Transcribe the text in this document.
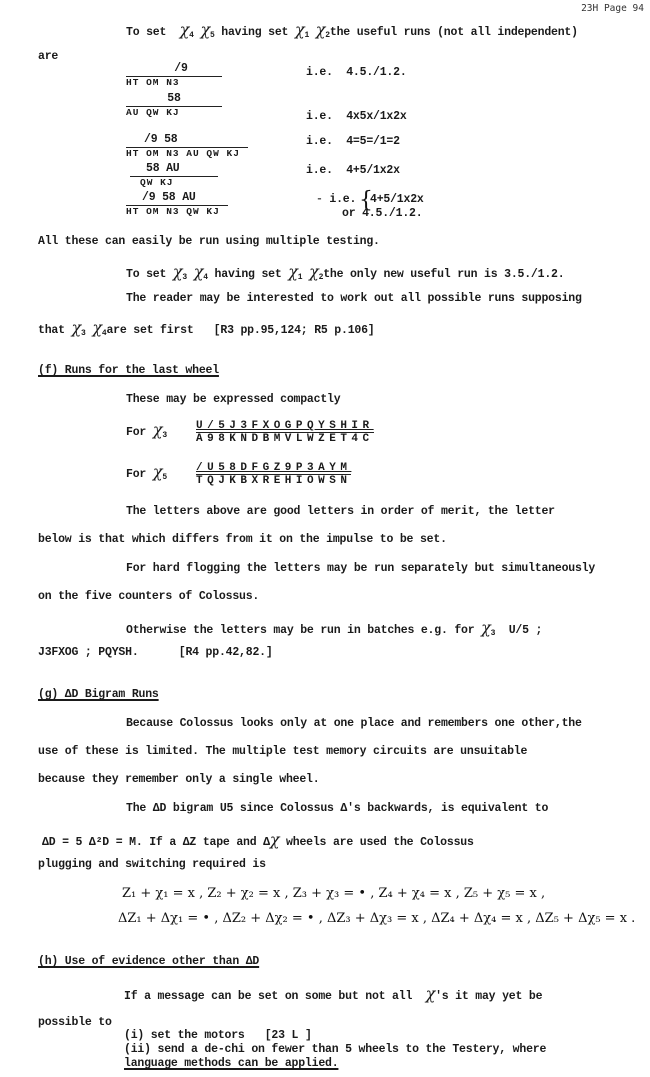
23H Page 94
To set $\chi_4$ $\chi_5$ having set $\chi_1$ $\chi_2the$ useful runs (not all independent)
are
/9
HT OM N3
i.e. 4.5./1.2.
58
AU QW KJ	i.e. 4x5x/1x2x
/9 58
HT OM N3 AU QW KJ
i.e. 4=5=/1=2
58 AU
QW KJ
i.e. 4+5/1x2x
/9 58 AU
HT OM N3 QW KJ
- i.e. {
4+5/1x2x
or 4.5./1.2.
All these can easily be run using multiple testing.
To set $\chi_3$ $\chi_4$ having set $\chi_1$ $\chi_2the$ only new useful run is 3.5./1.2.
The reader may be interested to work out all possible runs supposing
that $\chi_3$ $\chi_4are$ set first [R3 pp.95,124; R5 p.106]
(f) Runs for the last wheel
These may be expressed compactly
For $\chi_3$
U/5J3FXOGPQYSHIR
A98KNDBMVLWZET4C
For $\chi_5$
/U58DFGZ9P3AYM
TQJKBXREHIOWSN
The letters above are good letters in order of merit, the letter
below is that which differs from it on the impulse to be set.
For hard flogging the letters may be run separately but simultaneously
on the five counters of Colossus.
Otherwise the letters may be run in batches e.g. for $\chi_3$ U/5 ;
J3FXOG ; PQYSH.	[R4 pp.42,82.]
(g) ΔD Bigram Runs
Because Colossus looks only at one place and remembers one other,the
use of these is limited. The multiple test memory circuits are unsuitable
because they remember only a single wheel.
The ΔD bigram U5 since Colossus Δ's backwards, is equivalent to
ΔD = 5 Δ²D = M. If a ΔZ tape and Δχ wheels are used the Colossus
plugging and switching required is
Z₁ + χ₁ = x , Z₂ + χ₂ = x , Z₃ + χ₃ = • , Z₄ + χ₄ = x , Z₅ + χ₅ = x ,
ΔZ₁ + Δχ₁ = • , ΔZ₂ + Δχ₂ = • , ΔZ₃ + Δχ₃ = x , ΔZ₄ + Δχ₄ = x , ΔZ₅ + Δχ₅ = x .
(h) Use of evidence other than ΔD
If a message can be set on some but not all χ's it may yet be
possible to
(i) set the motors [23 L ]
(ii) send a de-chi on fewer than 5 wheels to the Testery, where
language methods can be applied.
